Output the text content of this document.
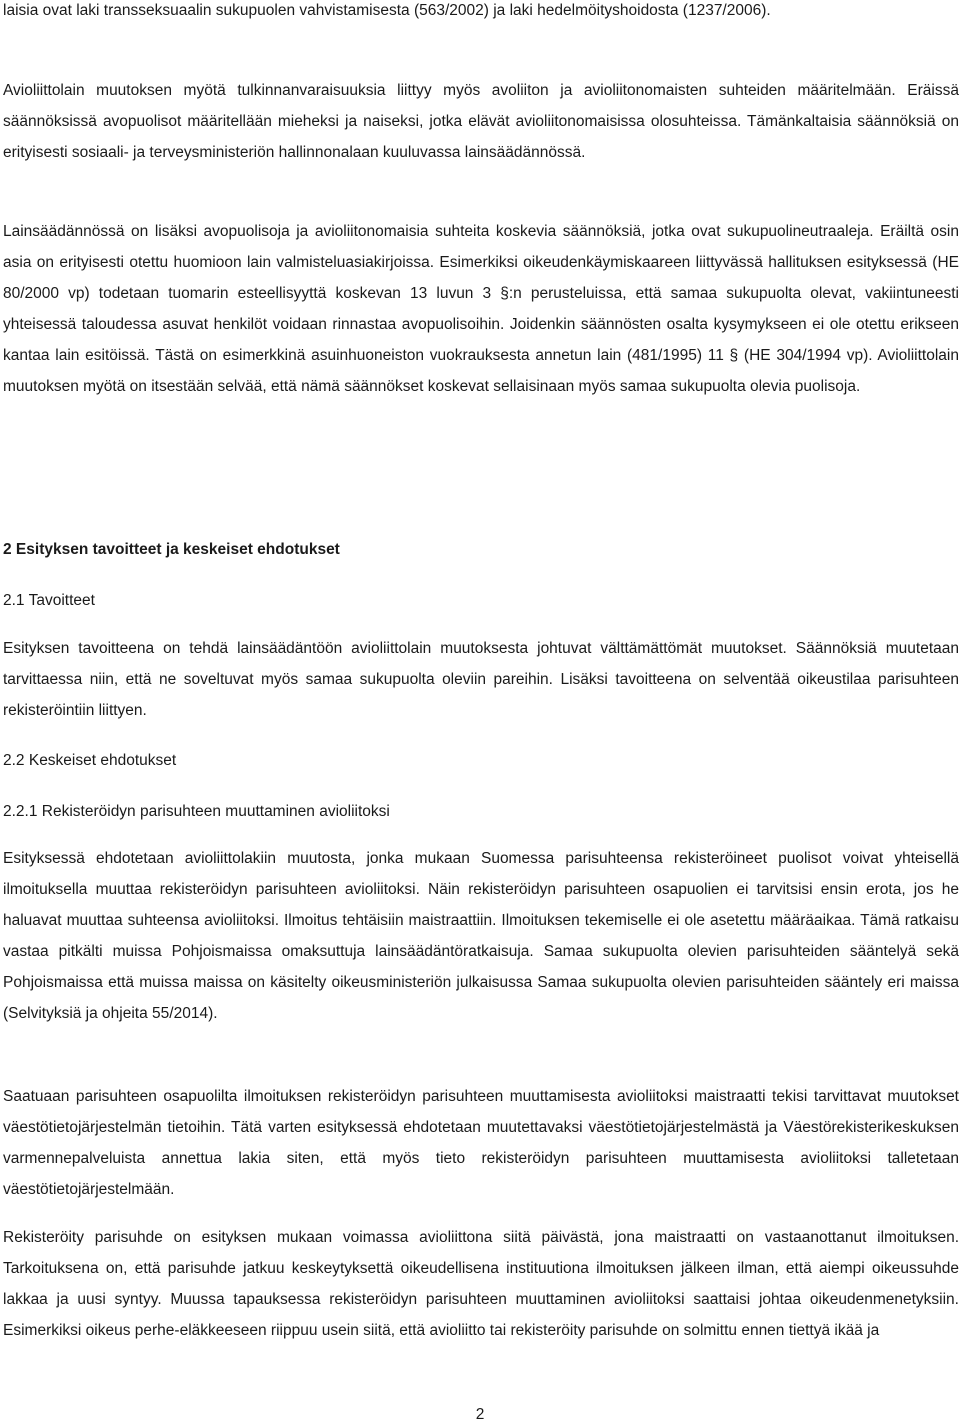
laisia ovat laki transseksuaalin sukupuolen vahvistamisesta (563/2002) ja laki hedelmöityshoidosta (1237/2006).

Avioliittolain muutoksen myötä tulkinnanvaraisuuksia liittyy myös avoliiton ja avioliitonomaisten suhteiden määritelmään. Eräissä säännöksissä avopuolisot määritellään mieheksi ja naiseksi, jotka elävät avioliitonomaisissa olosuhteissa. Tämänkaltaisia säännöksiä on erityisesti sosiaali- ja terveysministeriön hallinnonalaan kuuluvassa lainsäädännössä.

Lainsäädännössä on lisäksi avopuolisoja ja avioliitonomaisia suhteita koskevia säännöksiä, jotka ovat sukupuolineutraaleja. Eräiltä osin asia on erityisesti otettu huomioon lain valmisteluasiakirjoissa. Esimerkiksi oikeudenkäymiskaareen liittyvässä hallituksen esityksessä (HE 80/2000 vp) todetaan tuomarin esteellisyyttä koskevan 13 luvun 3 §:n perusteluissa, että samaa sukupuolta olevat, vakiintuneesti yhteisessä taloudessa asuvat henkilöt voidaan rinnastaa avopuolisoihin. Joidenkin säännösten osalta kysymykseen ei ole otettu erikseen kantaa lain esitöissä. Tästä on esimerkkinä asuinhuoneiston vuokrauksesta annetun lain (481/1995) 11 § (HE 304/1994 vp). Avioliittolain muutoksen myötä on itsestään selvää, että nämä säännökset koskevat sellaisinaan myös samaa sukupuolta olevia puolisoja.

2 Esityksen tavoitteet ja keskeiset ehdotukset
2.1 Tavoitteet

Esityksen tavoitteena on tehdä lainsäädäntöön avioliittolain muutoksesta johtuvat välttämättömät muutokset. Säännöksiä muutetaan tarvittaessa niin, että ne soveltuvat myös samaa sukupuolta oleviin pareihin. Lisäksi tavoitteena on selventää oikeustilaa parisuhteen rekisteröintiin liittyen.

2.2 Keskeiset ehdotukset
2.2.1 Rekisteröidyn parisuhteen muuttaminen avioliitoksi

Esityksessä ehdotetaan avioliittolakiin muutosta, jonka mukaan Suomessa parisuhteensa rekisteröineet puolisot voivat yhteisellä ilmoituksella muuttaa rekisteröidyn parisuhteen avioliitoksi. Näin rekisteröidyn parisuhteen osapuolien ei tarvitsisi ensin erota, jos he haluavat muuttaa suhteensa avioliitoksi. Ilmoitus tehtäisiin maistraattiin. Ilmoituksen tekemiselle ei ole asetettu määräaikaa. Tämä ratkaisu vastaa pitkälti muissa Pohjoismaissa omaksuttuja lainsäädäntöratkaisuja. Samaa sukupuolta olevien parisuhteiden sääntelyä sekä Pohjoismaissa että muissa maissa on käsitelty oikeusministeriön julkaisussa Samaa sukupuolta olevien parisuhteiden sääntely eri maissa (Selvityksiä ja ohjeita 55/2014).

Saatuaan parisuhteen osapuolilta ilmoituksen rekisteröidyn parisuhteen muuttamisesta avioliitoksi maistraatti tekisi tarvittavat muutokset väestötietojärjestelmän tietoihin. Tätä varten esityksessä ehdotetaan muutettavaksi väestötietojärjestelmästä ja Väestörekisterikeskuksen varmennepalveluista annettua lakia siten, että myös tieto rekisteröidyn parisuhteen muuttamisesta avioliitoksi talletetaan väestötietojärjestelmään.

Rekisteröity parisuhde on esityksen mukaan voimassa avioliittona siitä päivästä, jona maistraatti on vastaanottanut ilmoituksen. Tarkoituksena on, että parisuhde jatkuu keskeytyksettä oikeudellisena instituutiona ilmoituksen jälkeen ilman, että aiempi oikeussuhde lakkaa ja uusi syntyy. Muussa tapauksessa rekisteröidyn parisuhteen muuttaminen avioliitoksi saattaisi johtaa oikeudenmenetyksiin. Esimerkiksi oikeus perhe-eläkkeeseen riippuu usein siitä, että avioliitto tai rekisteröity parisuhde on solmittu ennen tiettyä ikää ja

2
